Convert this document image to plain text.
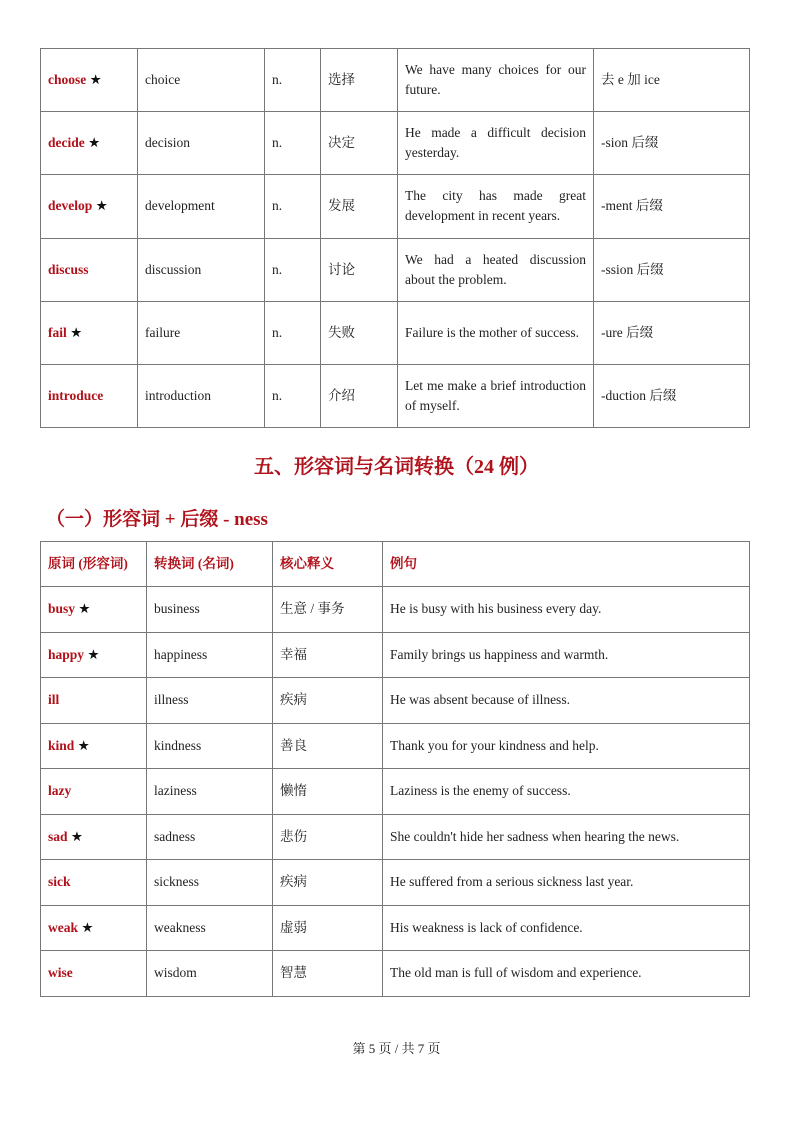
choose ★	choice	n.	选择	We have many choices for our future.	去 e 加 ice
decide ★	decision	n.	决定	He made a difficult decision yesterday.	-sion 后缀
develop ★	development	n.	发展	The city has made great development in recent years.	-ment 后缀
discuss	discussion	n.	讨论	We had a heated discussion about the problem.	-ssion 后缀
fail ★	failure	n.	失败	Failure is the mother of success.	-ure 后缀
introduce	introduction	n.	介绍	Let me make a brief introduction of myself.	-duction 后缀
五、形容词与名词转换（24 例）
（一）形容词 + 后缀 - ness
原词 (形容词)	转换词 (名词)	核心释义	例句
busy ★	business	生意 / 事务	He is busy with his business every day.
happy ★	happiness	幸福	Family brings us happiness and warmth.
ill	illness	疾病	He was absent because of illness.
kind ★	kindness	善良	Thank you for your kindness and help.
lazy	laziness	懒惰	Laziness is the enemy of success.
sad ★	sadness	悲伤	She couldn't hide her sadness when hearing the news.
sick	sickness	疾病	He suffered from a serious sickness last year.
weak ★	weakness	虚弱	His weakness is lack of confidence.
wise	wisdom	智慧	The old man is full of wisdom and experience.
第 5 页 / 共 7 页
